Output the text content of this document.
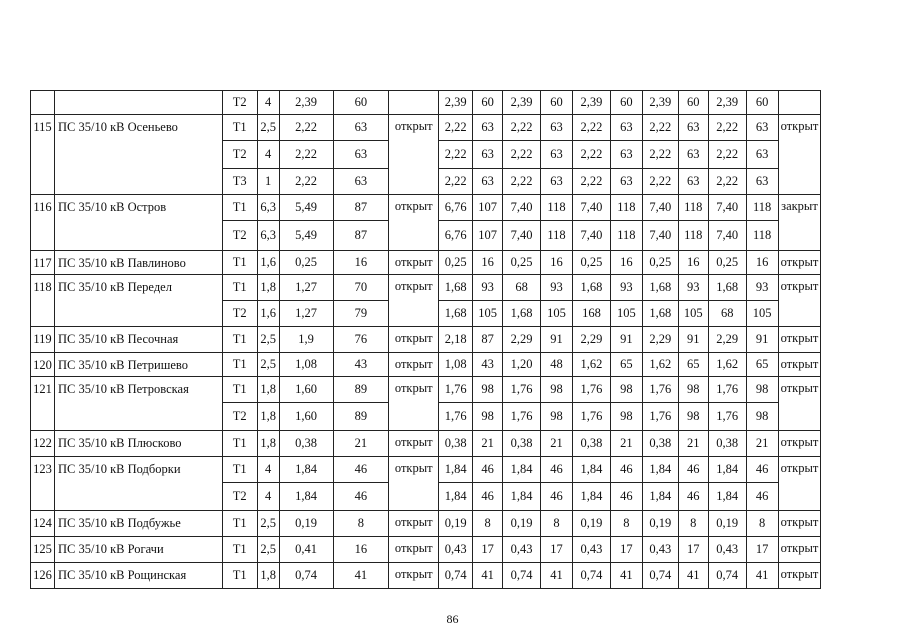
		Т2	4	2,39	60		2,39	60	2,39	60	2,39	60	2,39	60	2,39	60	
115	ПС 35/10 кВ Осеньево	Т1	2,5	2,22	63	открыт	2,22	63	2,22	63	2,22	63	2,22	63	2,22	63	открыт
		Т2	4	2,22	63		2,22	63	2,22	63	2,22	63	2,22	63	2,22	63	
		Т3	1	2,22	63		2,22	63	2,22	63	2,22	63	2,22	63	2,22	63	
116	ПС 35/10 кВ Остров	Т1	6,3	5,49	87	открыт	6,76	107	7,40	118	7,40	118	7,40	118	7,40	118	закрыт
		Т2	6,3	5,49	87		6,76	107	7,40	118	7,40	118	7,40	118	7,40	118	
117	ПС 35/10 кВ Павлиново	Т1	1,6	0,25	16	открыт	0,25	16	0,25	16	0,25	16	0,25	16	0,25	16	открыт
118	ПС 35/10 кВ Передел	Т1	1,8	1,27	70	открыт	1,68	93	68	93	1,68	93	1,68	93	1,68	93	открыт
		Т2	1,6	1,27	79		1,68	105	1,68	105	168	105	1,68	105	68	105	
119	ПС 35/10 кВ Песочная	Т1	2,5	1,9	76	открыт	2,18	87	2,29	91	2,29	91	2,29	91	2,29	91	открыт
120	ПС 35/10 кВ Петришево	Т1	2,5	1,08	43	открыт	1,08	43	1,20	48	1,62	65	1,62	65	1,62	65	открыт
121	ПС 35/10 кВ Петровская	Т1	1,8	1,60	89	открыт	1,76	98	1,76	98	1,76	98	1,76	98	1,76	98	открыт
		Т2	1,8	1,60	89		1,76	98	1,76	98	1,76	98	1,76	98	1,76	98	
122	ПС 35/10 кВ Плюсково	Т1	1,8	0,38	21	открыт	0,38	21	0,38	21	0,38	21	0,38	21	0,38	21	открыт
123	ПС 35/10 кВ Подборки	Т1	4	1,84	46	открыт	1,84	46	1,84	46	1,84	46	1,84	46	1,84	46	открыт
		Т2	4	1,84	46		1,84	46	1,84	46	1,84	46	1,84	46	1,84	46	
124	ПС 35/10 кВ Подбужье	Т1	2,5	0,19	8	открыт	0,19	8	0,19	8	0,19	8	0,19	8	0,19	8	открыт
125	ПС 35/10 кВ Рогачи	Т1	2,5	0,41	16	открыт	0,43	17	0,43	17	0,43	17	0,43	17	0,43	17	открыт
126	ПС 35/10 кВ Рощинская	Т1	1,8	0,74	41	открыт	0,74	41	0,74	41	0,74	41	0,74	41	0,74	41	открыт
86
